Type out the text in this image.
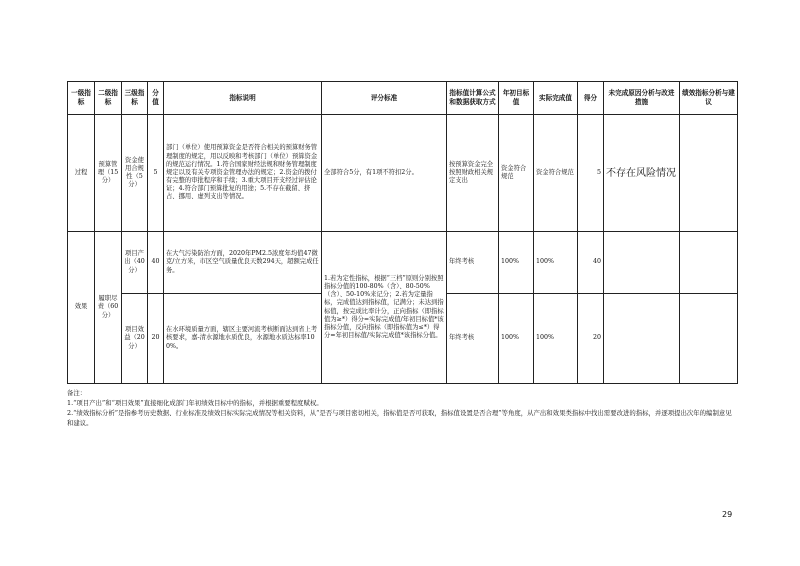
一级指标	二级指标	三级指标	分值	指标说明	评分标准	指标值计算公式和数据获取方式	年初目标值	实际完成值	得分	未完成原因分析与改进措施	绩效指标分析与建议
过程	预算管理（15分）	资金使用合规性（5分）	5	部门（单位）使用预算资金是否符合相关的预算财务管理制度的规定，用以反映和考核部门（单位）预算资金的规范运行情况。1.符合国家财经法规和财务管理制度规定以及有关专项资金管理办法的规定；2.资金的拨付有完整的审批程序和手续；3.重大项目开支经过评估论证；4.符合部门预算批复的用途；5.不存在截留、挤占、挪用、虚列支出等情况。	全部符合5分，有1项不符扣2分。	按预算资金完全按照财政相关规定支出	资金符合规范	资金符合规范	5	不存在风险情况	
效果	履职尽责（60分）	项目产出（40分）	40	在大气污染防治方面，2020年PM2.5浓度年均值47微克/立方米，市区空气质量优良天数294天，超额完成任务。	1.若为定性指标，根据“三档”原则分别按照指标分值的100-80%（含）、80-50%（含）、50-10%来记分；2.若为定量指标，完成值达到指标值，记满分；未达到指标值，按完成比率计分，正向指标（即指标值为≥*）得分=实际完成值/年初目标值*该指标分值，反向指标（即指标值为≤*）得分=年初目标值/实际完成值*该指标分值。	年终考核	100%	100%	40		
		项目效益（20分）	20	在水环境质量方面，辖区主要河流考核断面达到省上考核要求，嘉-清水源地水质优良，水源地水质达标率100%。		年终考核	100%	100%	20		
备注：
1.“项目产出”和“项目效果”直接细化成部门年初绩效目标中的指标，并根据重要程度赋权。
2.“绩效指标分析”是指参考历史数据、行业标准及绩效目标实际完成情况等相关资料，从“是否与项目密切相关，指标值是否可获取，指标值设置是否合理”等角度，从产出和效果类指标中找出需要改进的指标，并逐项提出次年的编制意见和建议。
29
